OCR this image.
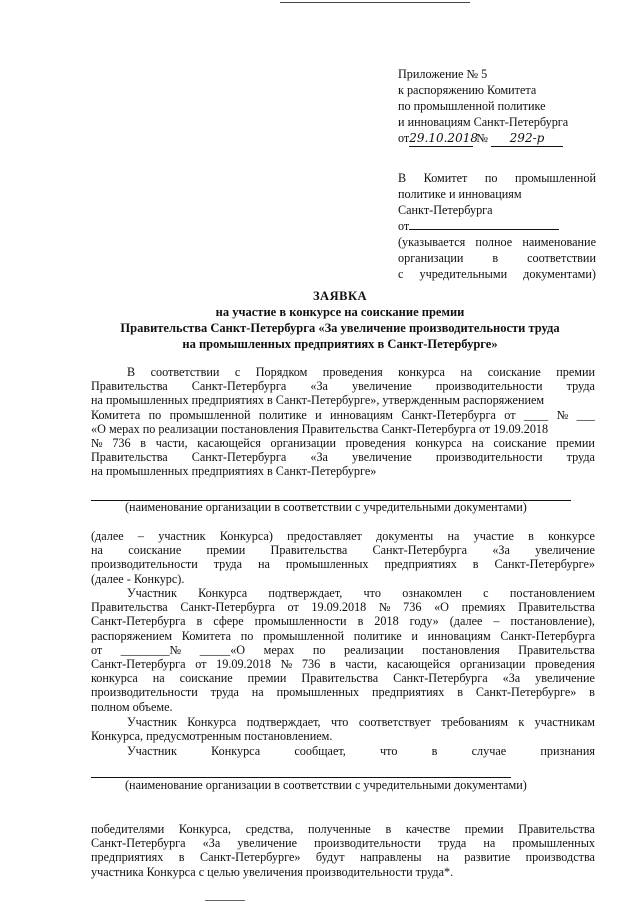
Приложение № 5
к распоряжению Комитета
по промышленной политике
и инновациям Санкт-Петербурга
от29.10.2018 № 292-р
В Комитет по промышленной
политике и инновациям
Санкт-Петербурга
от
(указывается полное наименование
организации в соответствии
с учредительными документами)
ЗАЯВКА
на участие в конкурсе на соискание премии
Правительства Санкт-Петербурга «За увеличение производительности труда
на промышленных предприятиях в Санкт-Петербурге»
В соответствии с Порядком проведения конкурса на соискание премии
Правительства Санкт-Петербурга «За увеличение производительности труда
на промышленных предприятиях в Санкт-Петербурге», утвержденным распоряжением
Комитета по промышленной политике и инновациям Санкт-Петербурга от ____ № ___
«О мерах по реализации постановления Правительства Санкт-Петербурга от 19.09.2018
№ 736 в части, касающейся организации проведения конкурса на соискание премии
Правительства Санкт-Петербурга «За увеличение производительности труда
на промышленных предприятиях в Санкт-Петербурге»
(наименование организации в соответствии с учредительными документами)
(далее – участник Конкурса) предоставляет документы на участие в конкурсе
на соискание премии Правительства Санкт-Петербурга «За увеличение
производительности труда на промышленных предприятиях в Санкт-Петербурге»
(далее - Конкурс).
Участник Конкурса подтверждает, что ознакомлен с постановлением
Правительства Санкт-Петербурга от 19.09.2018 № 736 «О премиях Правительства
Санкт-Петербурга в сфере промышленности в 2018 году» (далее – постановление),
распоряжением Комитета по промышленной политике и инновациям Санкт-Петербурга
от ________№ _____«О мерах по реализации постановления Правительства
Санкт-Петербурга от 19.09.2018 № 736 в части, касающейся организации проведения
конкурса на соискание премии Правительства Санкт-Петербурга «За увеличение
производительности труда на промышленных предприятиях в Санкт-Петербурге» в
полном объеме.
Участник Конкурса подтверждает, что соответствует требованиям к участникам
Конкурса, предусмотренным постановлением.
Участник	Конкурса	сообщает,	что	в	случае	признания
(наименование организации в соответствии с учредительными документами)
победителями Конкурса, средства, полученные в качестве премии Правительства
Санкт-Петербурга «За увеличение производительности труда на промышленных
предприятиях в Санкт-Петербурге» будут направлены на развитие производства
участника Конкурса с целью увеличения производительности труда*.
